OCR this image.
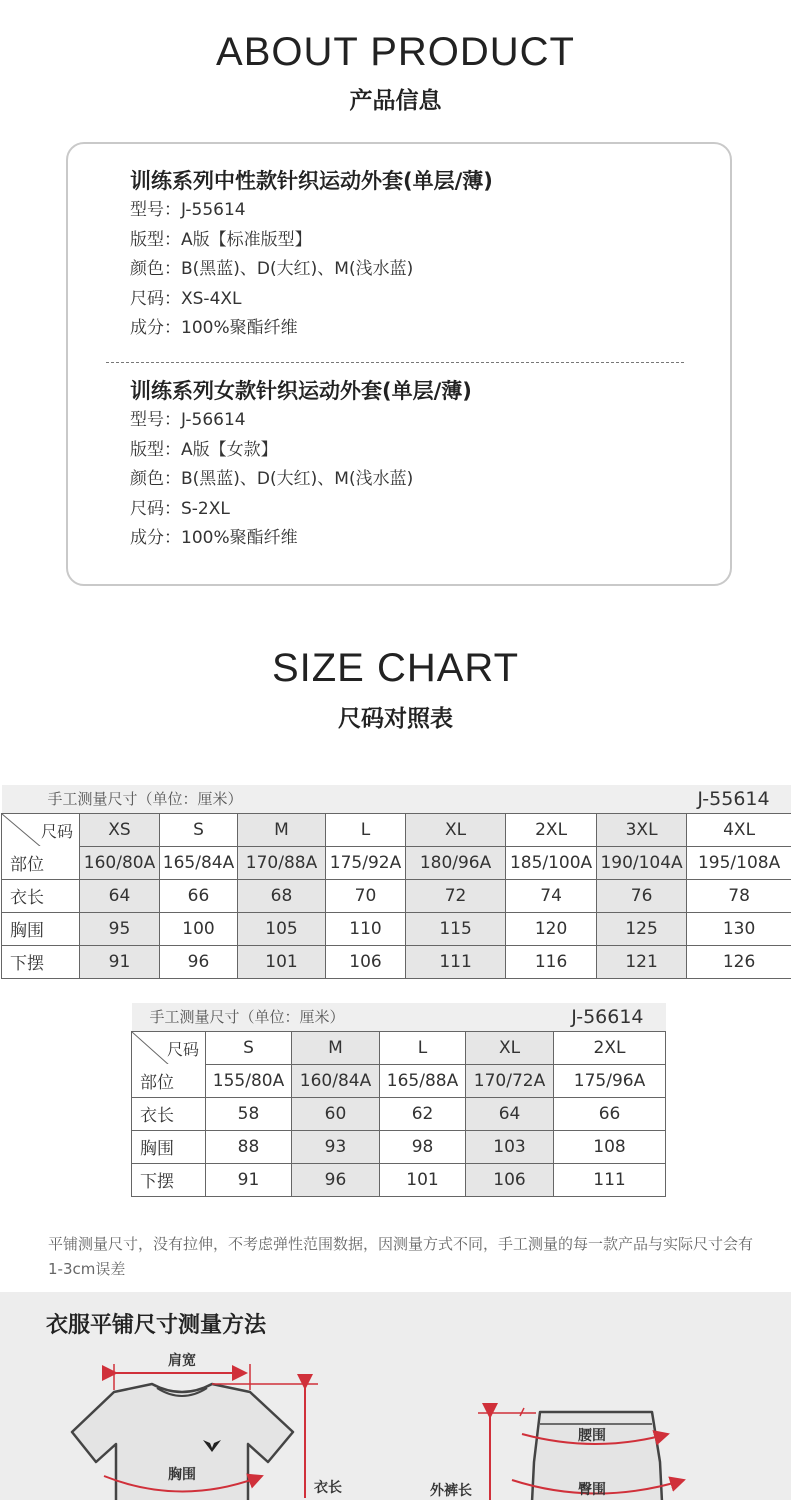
ABOUT PRODUCT
产品信息
训练系列中性款针织运动外套(单层/薄)
型号：J-55614
版型：A版【标准版型】
颜色：B(黑蓝)、D(大红)、M(浅水蓝)
尺码：XS-4XL
成分：100%聚酯纤维
训练系列女款针织运动外套(单层/薄)
型号：J-56614
版型：A版【女款】
颜色：B(黑蓝)、D(大红)、M(浅水蓝)
尺码：S-2XL
成分：100%聚酯纤维
SIZE CHART
尺码对照表
手工测量尺寸（单位：厘米）						J-55614		

尺码	XS	S	M	L	XL	2XL	3XL	4XL
部位	160/80A	165/84A	170/88A	175/92A	180/96A	185/100A	190/104A	195/108A
衣长	64	66	68	70	72	74	76	78
胸围	95	100	105	110	115	120	125	130
下摆	91	96	101	106	111	116	121	126
手工测量尺寸（单位：厘米）				J-56614	

尺码	S	M	L	XL	2XL
部位	155/80A	160/84A	165/88A	170/72A	175/96A
衣长	58	60	62	64	66
胸围	88	93	98	103	108
下摆	91	96	101	106	111
平铺测量尺寸，没有拉伸，不考虑弹性范围数据，因测量方式不同，手工测量的每一款产品与实际尺寸会有1-3cm误差
衣服平铺尺寸测量方法
肩宽
胸围
衣长
腰围
臀围
外裤长
